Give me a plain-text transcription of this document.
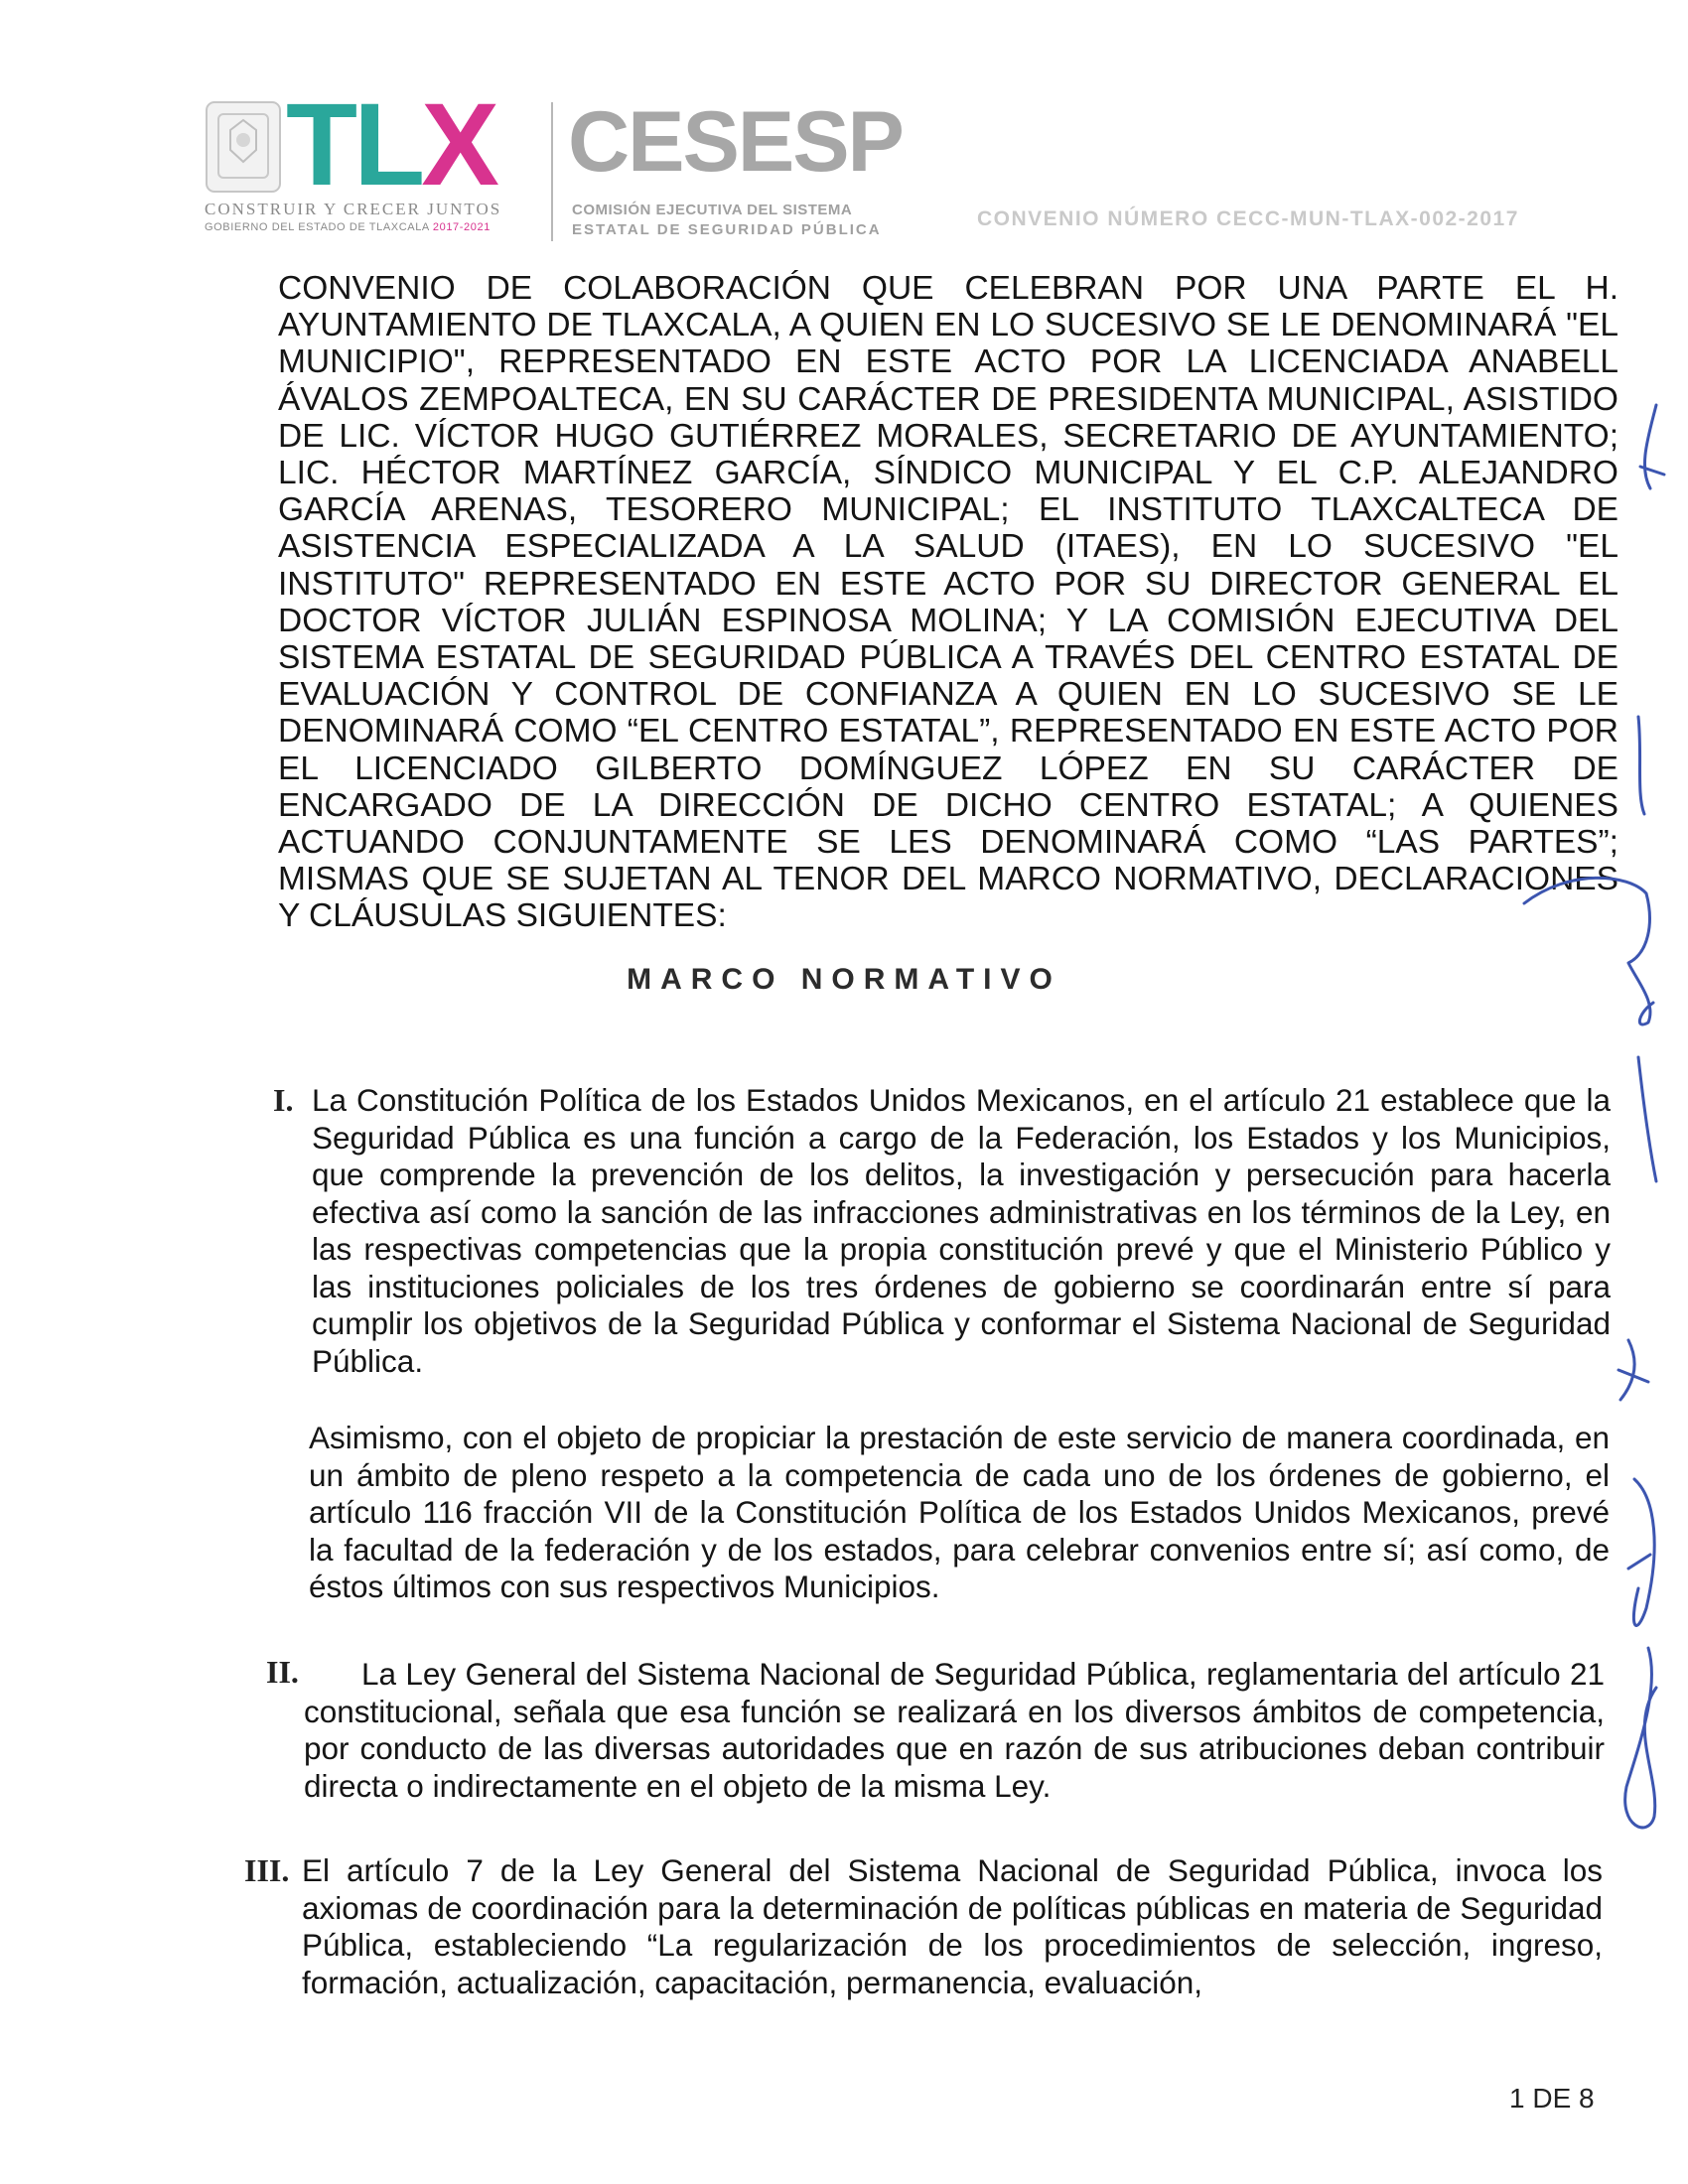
TLX
CONSTRUIR Y CRECER JUNTOS
GOBIERNO DEL ESTADO DE TLAXCALA 2017-2021
CESESP
COMISIÓN EJECUTIVA DEL SISTEMA
ESTATAL DE SEGURIDAD PÚBLICA	CONVENIO NÚMERO CECC-MUN-TLAX-002-2017
CONVENIO DE COLABORACIÓN QUE CELEBRAN POR UNA PARTE EL H. AYUNTAMIENTO DE TLAXCALA, A QUIEN EN LO SUCESIVO SE LE DENOMINARÁ "EL MUNICIPIO", REPRESENTADO EN ESTE ACTO POR LA LICENCIADA ANABELL ÁVALOS ZEMPOALTECA, EN SU CARÁCTER DE PRESIDENTA MUNICIPAL, ASISTIDO DE LIC. VÍCTOR HUGO GUTIÉRREZ MORALES, SECRETARIO DE AYUNTAMIENTO; LIC. HÉCTOR MARTÍNEZ GARCÍA, SÍNDICO MUNICIPAL Y EL C.P. ALEJANDRO GARCÍA ARENAS, TESORERO MUNICIPAL; EL INSTITUTO TLAXCALTECA DE ASISTENCIA ESPECIALIZADA A LA SALUD (ITAES), EN LO SUCESIVO "EL INSTITUTO" REPRESENTADO EN ESTE ACTO POR SU DIRECTOR GENERAL EL DOCTOR VÍCTOR JULIÁN ESPINOSA MOLINA; Y LA COMISIÓN EJECUTIVA DEL SISTEMA ESTATAL DE SEGURIDAD PÚBLICA A TRAVÉS DEL CENTRO ESTATAL DE EVALUACIÓN Y CONTROL DE CONFIANZA A QUIEN EN LO SUCESIVO SE LE DENOMINARÁ COMO “EL CENTRO ESTATAL”, REPRESENTADO EN ESTE ACTO POR EL LICENCIADO GILBERTO DOMÍNGUEZ LÓPEZ EN SU CARÁCTER DE ENCARGADO DE LA DIRECCIÓN DE DICHO CENTRO ESTATAL; A QUIENES ACTUANDO CONJUNTAMENTE SE LES DENOMINARÁ COMO “LAS PARTES”; MISMAS QUE SE SUJETAN AL TENOR DEL MARCO NORMATIVO, DECLARACIONES Y CLÁUSULAS SIGUIENTES:
MARCO NORMATIVO
I. La Constitución Política de los Estados Unidos Mexicanos, en el artículo 21 establece que la Seguridad Pública es una función a cargo de la Federación, los Estados y los Municipios, que comprende la prevención de los delitos, la investigación y persecución para hacerla efectiva así como la sanción de las infracciones administrativas en los términos de la Ley, en las respectivas competencias que la propia constitución prevé y que el Ministerio Público y las instituciones policiales de los tres órdenes de gobierno se coordinarán entre sí para cumplir los objetivos de la Seguridad Pública y conformar el Sistema Nacional de Seguridad Pública.
Asimismo, con el objeto de propiciar la prestación de este servicio de manera coordinada, en un ámbito de pleno respeto a la competencia de cada uno de los órdenes de gobierno, el artículo 116 fracción VII de la Constitución Política de los Estados Unidos Mexicanos, prevé la facultad de la federación y de los estados, para celebrar convenios entre sí; así como, de éstos últimos con sus respectivos Municipios.
II.	La Ley General del Sistema Nacional de Seguridad Pública, reglamentaria del artículo 21 constitucional, señala que esa función se realizará en los diversos ámbitos de competencia, por conducto de las diversas autoridades que en razón de sus atribuciones deban contribuir directa o indirectamente en el objeto de la misma Ley.
III. El artículo 7 de la Ley General del Sistema Nacional de Seguridad Pública, invoca los axiomas de coordinación para la determinación de políticas públicas en materia de Seguridad Pública, estableciendo “La regularización de los procedimientos de selección, ingreso, formación, actualización, capacitación, permanencia, evaluación,
1 DE 8
